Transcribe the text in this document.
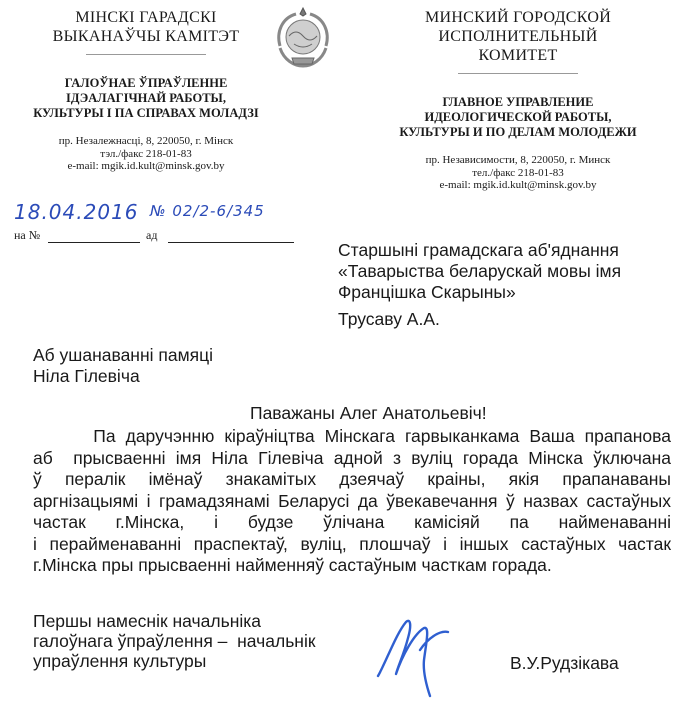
МІНСКІ ГАРАДСКІ
ВЫКАНАЎЧЫ КАМІТЭТ
ГАЛОЎНАЕ ЎПРАЎЛЕННЕ
ІДЭАЛАГІЧНАЙ РАБОТЫ,
КУЛЬТУРЫ І ПА СПРАВАХ МОЛАДЗІ
пр. Незалежнасці, 8, 220050, г. Мінск
тэл./факс 218-01-83
e-mail: mgik.id.kult@minsk.gov.by
МИНСКИЙ ГОРОДСКОЙ
ИСПОЛНИТЕЛЬНЫЙ КОМИТЕТ
ГЛАВНОЕ УПРАВЛЕНИЕ
ИДЕОЛОГИЧЕСКОЙ РАБОТЫ,
КУЛЬТУРЫ И ПО ДЕЛАМ МОЛОДЕЖИ
пр. Независимости, 8, 220050, г. Минск
тел./факс 218-01-83
e-mail: mgik.id.kult@minsk.gov.by
18.04.2016 № 02/2-6/345
на №	ад
Старшыні грамадскага аб'яднання
«Таварыства беларускай мовы імя
Францішка Скарыны»
Трусаву А.А.
Аб ушанаванні памяці
Ніла Гілевіча
Паважаны Алег Анатольевіч!
Па даручэнню кіраўніцтва Мінскага гарвыканкама Ваша прапанова
аб  прысваенні імя Ніла Гілевіча адной з вуліц горада Мінска ўключана
ў пералік імёнаў знакамітых дзеячаў краіны, якія прапанаваны
аргнізацыямі і грамадзянамі Беларусі да ўвекавечання ў назвах састаўных
частак г.Мінска, і будзе ўлічана камісіяй па найменаванні
і перайменаванні праспектаў, вуліц, плошчаў і іншых састаўных частак
г.Мінска пры прысваенні найменняў састаўным часткам горада.
Першы намеснік начальніка
галоўнага ўпраўлення –  начальнік
упраўлення культуры	В.У.Рудзікава
